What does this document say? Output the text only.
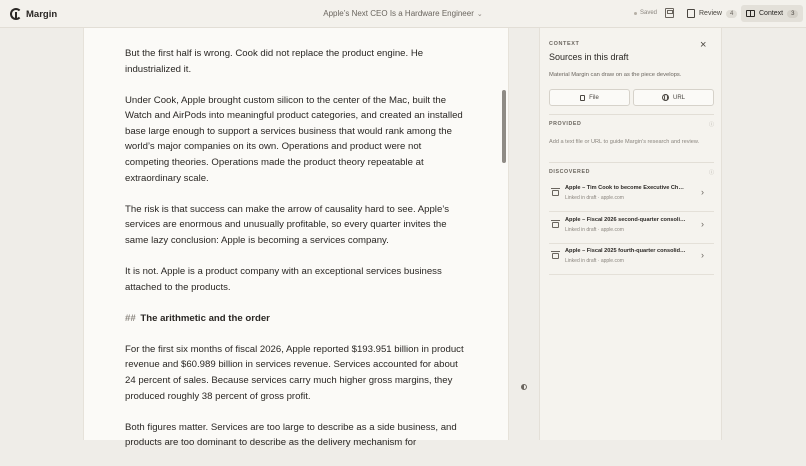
Margin	Apple’s Next CEO Is a Hardware Engineer ⌄	Saved	Review	4	Context	3

But the first half is wrong. Cook did not replace the product engine. He industrialized it.

Under Cook, Apple brought custom silicon to the center of the Mac, built the Watch and AirPods into meaningful product categories, and created an installed base large enough to support a services business that would rank among the world’s major companies on its own. Operations and product were not competing theories. Operations made the product theory repeatable at extraordinary scale.

The risk is that success can make the arrow of causality hard to see. Apple’s services are enormous and unusually profitable, so every quarter invites the same lazy conclusion: Apple is becoming a services company.

It is not. Apple is a product company with an exceptional services business attached to the products.

## The arithmetic and the order

For the first six months of fiscal 2026, Apple reported $193.951 billion in product revenue and $60.989 billion in services revenue. Services accounted for about 24 percent of sales. Because services carry much higher gross margins, they produced roughly 38 percent of gross profit.

Both figures matter. Services are too large to describe as a side business, and products are too dominant to describe as the delivery mechanism for

CONTEXT
Sources in this draft
×
Material Margin can draw on as the piece develops.
File	URL
PROVIDED	ⓘ
Add a text file or URL to guide Margin’s research and review.
DISCOVERED	ⓘ
Apple – Tim Cook to become Executive Ch…
Linked in draft · apple.com
›
Apple – Fiscal 2026 second-quarter consoli…
Linked in draft · apple.com
›
Apple – Fiscal 2025 fourth-quarter consolid…
Linked in draft · apple.com
›
